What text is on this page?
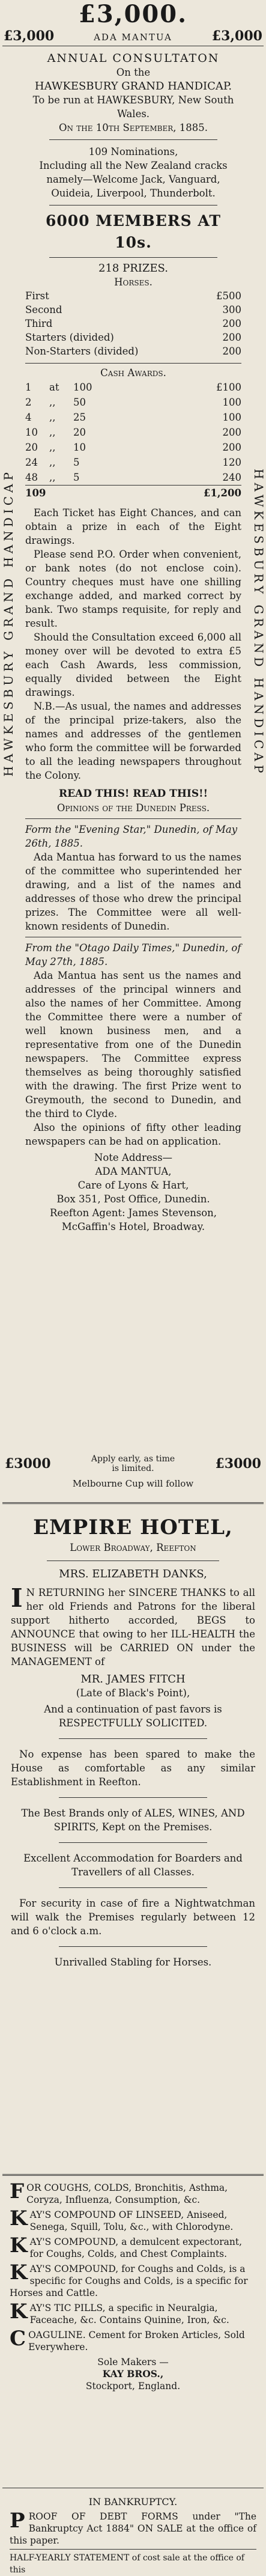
£3,000.
£3,000	ADA MANTUA	£3,000
HAWKESBURY GRAND HANDICAP	HAWKESBURY GRAND HANDICAP

ANNUAL CONSULTATON

On the

HAWKESBURY GRAND HANDICAP.

To be run at HAWKESBURY, New South Wales.

On the 10th September, 1885.

109 Nominations,

Including all the New Zealand cracks

namely—Welcome Jack, Vanguard, Ouideia, Liverpool, Thunderbolt.

6000 MEMBERS AT 10s.

218 PRIZES.

Horses.

First	£500
Second	300
Third	200
Starters (divided)	200
Non-Starters (divided)	200

Cash Awards.

1	at	100	£100
2	,,	50	100
4	,,	25	100
10	,,	20	200
20	,,	10	200
24	,,	5	120
48	,,	5	240
109	£1,200

Each Ticket has Eight Chances, and can obtain a prize in each of the Eight drawings.

Please send P.O. Order when convenient, or bank notes (do not enclose coin). Country cheques must have one shilling exchange added, and marked correct by bank. Two stamps requisite, for reply and result.

Should the Consultation exceed 6,000 all money over will be devoted to extra £5 each Cash Awards, less commission, equally divided between the Eight drawings.

N.B.—As usual, the names and addresses of the principal prize-takers, also the names and addresses of the gentlemen who form the committee will be forwarded to all the leading newspapers throughout the Colony.

READ THIS! READ THIS!!

Opinions of the Dunedin Press.

Form the "Evening Star," Dunedin, of May 26th, 1885.

Ada Mantua has forward to us the names of the committee who superintended her drawing, and a list of the names and addresses of those who drew the principal prizes. The Committee were all well-known residents of Dunedin.

From the "Otago Daily Times," Dunedin, of May 27th, 1885.

Ada Mantua has sent us the names and addresses of the principal winners and also the names of her Committee. Among the Committee there were a number of well known business men, and a representative from one of the Dunedin newspapers. The Committee express themselves as being thoroughly satisfied with the drawing. The first Prize went to Greymouth, the second to Dunedin, and the third to Clyde.

Also the opinions of fifty other leading newspapers can be had on application.

Note Address—

ADA MANTUA,

Care of Lyons & Hart,

Box 351, Post Office, Dunedin.

Reefton Agent: James Stevenson, McGaffin's Hotel, Broadway.

£3000	Apply early, as time is limited.	£3000
Melbourne Cup will follow

EMPIRE HOTEL,

Lower Broadway, Reefton

MRS. ELIZABETH DANKS,

I N RETURNING her SINCERE THANKS to all her old Friends and Patrons for the liberal support hitherto accorded, BEGS to ANNOUNCE that owing to her ILL-HEALTH the BUSINESS will be CARRIED ON under the MANAGEMENT of

MR. JAMES FITCH

(Late of Black's Point),

And a continuation of past favors is RESPECTFULLY SOLICITED.

No expense has been spared to make the House as comfortable as any similar Establishment in Reefton.

The Best Brands only of ALES, WINES, AND SPIRITS, Kept on the Premises.

Excellent Accommodation for Boarders and Travellers of all Classes.

For security in case of fire a Nightwatchman will walk the Premises regularly between 12 and 6 o'clock a.m.

Unrivalled Stabling for Horses.

FOR COUGHS, COLDS, Bronchitis, Asthma, Coryza, Influenza, Consumption, &c.
KAY'S COMPOUND OF LINSEED, Aniseed, Senega, Squill, Tolu, &c., with Chlorodyne.
KAY'S COMPOUND, a demulcent expectorant, for Coughs, Colds, and Chest Complaints.
KAY'S COMPOUND, for Coughs and Colds, is a specific for Coughs and Colds, is a specific for Horses and Cattle.
KAY'S TIC PILLS, a specific in Neuralgia, Faceache, &c. Contains Quinine, Iron, &c.
COAGULINE. Cement for Broken Articles, Sold Everywhere.

Sole Makers —

KAY BROS.,

Stockport, England.

IN BANKRUPTCY.

PROOF OF DEBT FORMS under "The Bankruptcy Act 1884" ON SALE at the office of this paper.

HALF-YEARLY STATEMENT of cost sale at the office of this
